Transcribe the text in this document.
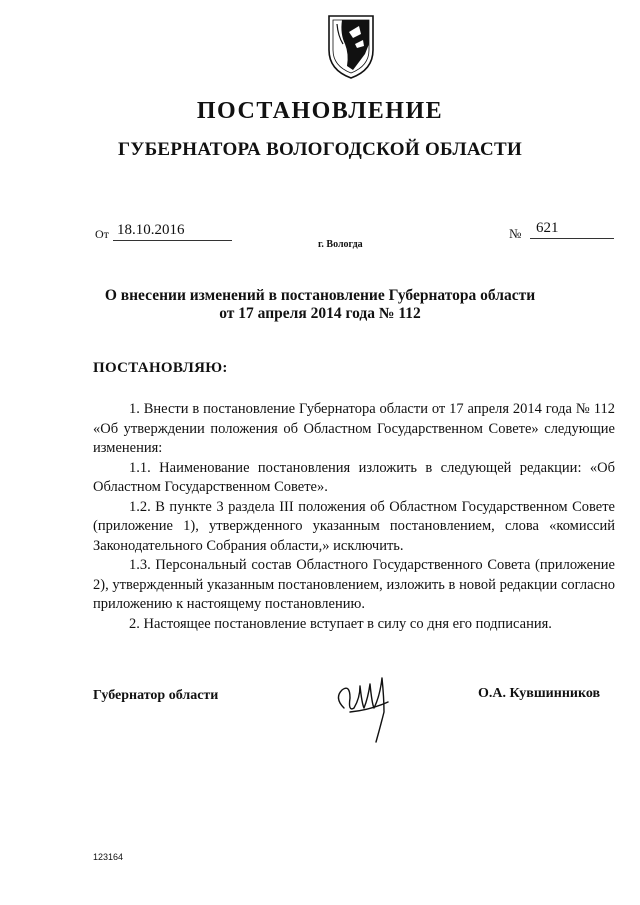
ПОСТАНОВЛЕНИЕ
ГУБЕРНАТОРА ВОЛОГОДСКОЙ ОБЛАСТИ
От 18.10.2016	№ 621
г. Вологда
О внесении изменений в постановление Губернатора области
от 17 апреля 2014 года № 112
ПОСТАНОВЛЯЮ:

1. Внести в постановление Губернатора области от 17 апреля 2014 года № 112 «Об утверждении положения об Областном Государственном Совете» следующие изменения:

1.1. Наименование постановления изложить в следующей редакции: «Об Областном Государственном Совете».

1.2. В пункте 3 раздела III положения об Областном Государственном Совете (приложение 1), утвержденного указанным постановлением, слова «комиссий Законодательного Собрания области,» исключить.

1.3. Персональный состав Областного Государственного Совета (приложение 2), утвержденный указанным постановлением, изложить в новой редакции согласно приложению к настоящему постановлению.

2. Настоящее постановление вступает в силу со дня его подписания.

Губернатор области	О.А. Кувшинников
123164
